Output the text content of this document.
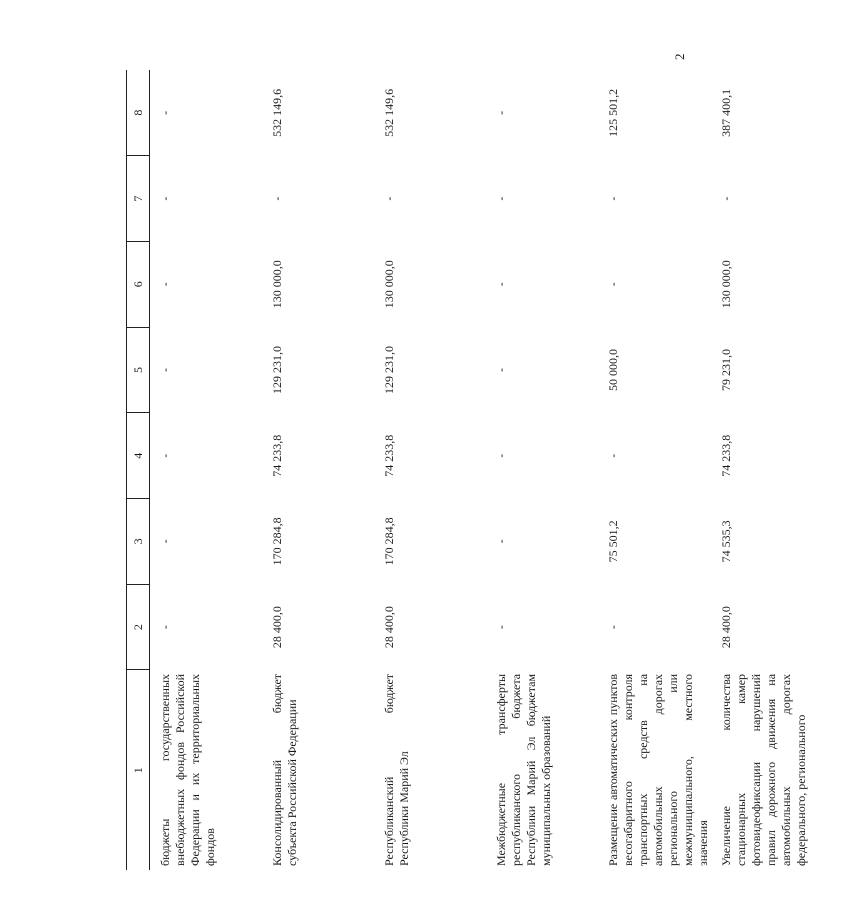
2
1	2	3	4	5	6	7	8
бюджеты государственных внебюджетных фондов Российской Федерации и их территориальных фондов	-	-	-	-	-	-	-
Консолидированный бюджет субъекта Российской Федерации	28 400,0	170 284,8	74 233,8	129 231,0	130 000,0	-	532 149,6
Республиканский бюджет Республики Марий Эл	28 400,0	170 284,8	74 233,8	129 231,0	130 000,0	-	532 149,6
Межбюджетные трансферты республиканского бюджета Республики Марий Эл бюджетам муниципальных образований	-	-	-	-	-	-	-
Размещение автоматических пунктов весогабаритного контроля транспортных средств на автомобильных дорогах регионального или межмуниципального, местного значения	-	75 501,2	-	50 000,0	-	-	125 501,2
Увеличение количества стационарных камер фотовидеофиксации нарушений правил дорожного движения на автомобильных дорогах федерального, регионального	28 400,0	74 535,3	74 233,8	79 231,0	130 000,0	-	387 400,1
